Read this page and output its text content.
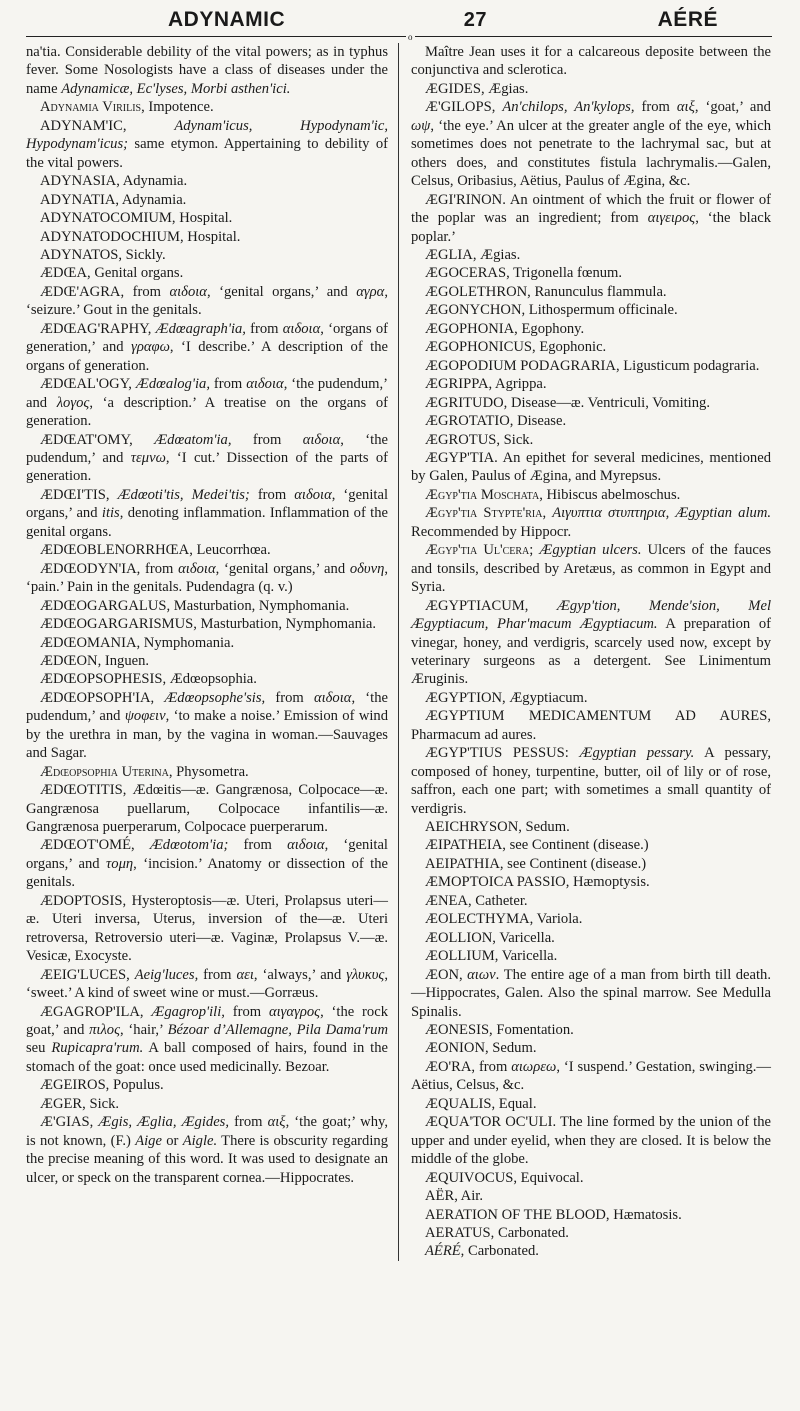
ADYNAMIC	27	AÉRÉ
o

na'tia. Considerable debility of the vital powers; as in typhus fever. Some Nosologists have a class of diseases under the name Adynamicæ, Ec'lyses, Morbi asthen'ici.

Adynamia Virilis, Impotence.

ADYNAM'IC, Adynam'icus, Hypodynam'ic, Hypodynam'icus; same etymon. Appertaining to debility of the vital powers.

ADYNASIA, Adynamia.

ADYNATIA, Adynamia.

ADYNATOCOMIUM, Hospital.

ADYNATODOCHIUM, Hospital.

ADYNATOS, Sickly.

ÆDŒA, Genital organs.

ÆDŒ'AGRA, from αιδοια, ‘genital organs,’ and αγρα, ‘seizure.’ Gout in the genitals.

ÆDŒAG'RAPHY, Ædœagraph'ia, from αιδοια, ‘organs of generation,’ and γραφω, ‘I describe.’ A description of the organs of generation.

ÆDŒAL'OGY, Ædœalog'ia, from αιδοια, ‘the pudendum,’ and λογος, ‘a description.’ A treatise on the organs of generation.

ÆDŒAT'OMY, Ædœatom'ia, from αιδοια, ‘the pudendum,’ and τεμνω, ‘I cut.’ Dissection of the parts of generation.

ÆDŒI'TIS, Ædœoti'tis, Medei'tis; from αιδοια, ‘genital organs,’ and itis, denoting inflammation. Inflammation of the genital organs.

ÆDŒOBLENORRHŒA, Leucorrhœa.

ÆDŒODYN'IA, from αιδοια, ‘genital organs,’ and οδυνη, ‘pain.’ Pain in the genitals. Pudendagra (q. v.)

ÆDŒOGARGALUS, Masturbation, Nymphomania.

ÆDŒOGARGARISMUS, Masturbation, Nymphomania.

ÆDŒOMANIA, Nymphomania.

ÆDŒON, Inguen.

ÆDŒOPSOPHESIS, Ædœopsophia.

ÆDŒOPSOPH'IA, Ædœopsophe'sis, from αιδοια, ‘the pudendum,’ and ψοφειν, ‘to make a noise.’ Emission of wind by the urethra in man, by the vagina in woman.—Sauvages and Sagar.

Ædœopsophia Uterina, Physometra.

ÆDŒOTITIS, Ædœitis—æ. Gangrænosa, Colpocace—æ. Gangrænosa puellarum, Colpocace infantilis—æ. Gangrænosa puerperarum, Colpocace puerperarum.

ÆDŒOT'OMÉ, Ædœotom'ia; from αιδοια, ‘genital organs,’ and τομη, ‘incision.’ Anatomy or dissection of the genitals.

ÆDOPTOSIS, Hysteroptosis—æ. Uteri, Prolapsus uteri—æ. Uteri inversa, Uterus, inversion of the—æ. Uteri retroversa, Retroversio uteri—æ. Vaginæ, Prolapsus V.—æ. Vesicæ, Exocyste.

ÆEIG'LUCES, Aeig'luces, from αει, ‘always,’ and γλυκυς, ‘sweet.’ A kind of sweet wine or must.—Gorræus.

ÆGAGROP'ILA, Ægagrop'ili, from αιγαγρος, ‘the rock goat,’ and πιλος, ‘hair,’ Bézoar d’Allemagne, Pila Dama'rum seu Rupicapra'rum. A ball composed of hairs, found in the stomach of the goat: once used medicinally. Bezoar.

ÆGEIROS, Populus.

ÆGER, Sick.

Æ'GIAS, Ægis, Æglia, Ægides, from αιξ, ‘the goat;’ why, is not known, (F.) Aige or Aigle. There is obscurity regarding the precise meaning of this word. It was used to designate an ulcer, or speck on the transparent cornea.—Hippocrates.

Maître Jean uses it for a calcareous deposite between the conjunctiva and sclerotica.

ÆGIDES, Ægias.

Æ'GILOPS, An'chilops, An'kylops, from αιξ, ‘goat,’ and ωψ, ‘the eye.’ An ulcer at the greater angle of the eye, which sometimes does not penetrate to the lachrymal sac, but at others does, and constitutes fistula lachrymalis.—Galen, Celsus, Oribasius, Aëtius, Paulus of Ægina, &c.

ÆGI'RINON. An ointment of which the fruit or flower of the poplar was an ingredient; from αιγειρος, ‘the black poplar.’

ÆGLIA, Ægias.

ÆGOCERAS, Trigonella fœnum.

ÆGOLETHRON, Ranunculus flammula.

ÆGONYCHON, Lithospermum officinale.

ÆGOPHONIA, Egophony.

ÆGOPHONICUS, Egophonic.

ÆGOPODIUM PODAGRARIA, Ligusticum podagraria.

ÆGRIPPA, Agrippa.

ÆGRITUDO, Disease—æ. Ventriculi, Vomiting.

ÆGROTATIO, Disease.

ÆGROTUS, Sick.

ÆGYP'TIA. An epithet for several medicines, mentioned by Galen, Paulus of Ægina, and Myrepsus.

Ægyp'tia Moschata, Hibiscus abelmoschus.

Ægyp'tia Stypte'ria, Αιγυπτια στυπτηρια, Ægyptian alum. Recommended by Hippocr.

Ægyp'tia Ul'cera; Ægyptian ulcers. Ulcers of the fauces and tonsils, described by Aretæus, as common in Egypt and Syria.

ÆGYPTIACUM, Ægyp'tion, Mende'sion, Mel Ægyptiacum, Phar'macum Ægyptiacum. A preparation of vinegar, honey, and verdigris, scarcely used now, except by veterinary surgeons as a detergent. See Linimentum Æruginis.

ÆGYPTION, Ægyptiacum.

ÆGYPTIUM MEDICAMENTUM AD AURES, Pharmacum ad aures.

ÆGYP'TIUS PESSUS: Ægyptian pessary. A pessary, composed of honey, turpentine, butter, oil of lily or of rose, saffron, each one part; with sometimes a small quantity of verdigris.

AEICHRYSON, Sedum.

ÆIPATHEIA, see Continent (disease.)

AEIPATHIA, see Continent (disease.)

ÆMOPTOICA PASSIO, Hæmoptysis.

ÆNEA, Catheter.

ÆOLECTHYMA, Variola.

ÆOLLION, Varicella.

ÆOLLIUM, Varicella.

ÆON, αιων. The entire age of a man from birth till death.—Hippocrates, Galen. Also the spinal marrow. See Medulla Spinalis.

ÆONESIS, Fomentation.

ÆONION, Sedum.

ÆO'RA, from αιωρεω, ‘I suspend.’ Gestation, swinging.—Aëtius, Celsus, &c.

ÆQUALIS, Equal.

ÆQUA'TOR OC'ULI. The line formed by the union of the upper and under eyelid, when they are closed. It is below the middle of the globe.

ÆQUIVOCUS, Equivocal.

AËR, Air.

AERATION OF THE BLOOD, Hæmatosis.

AERATUS, Carbonated.

AÉRÉ, Carbonated.
